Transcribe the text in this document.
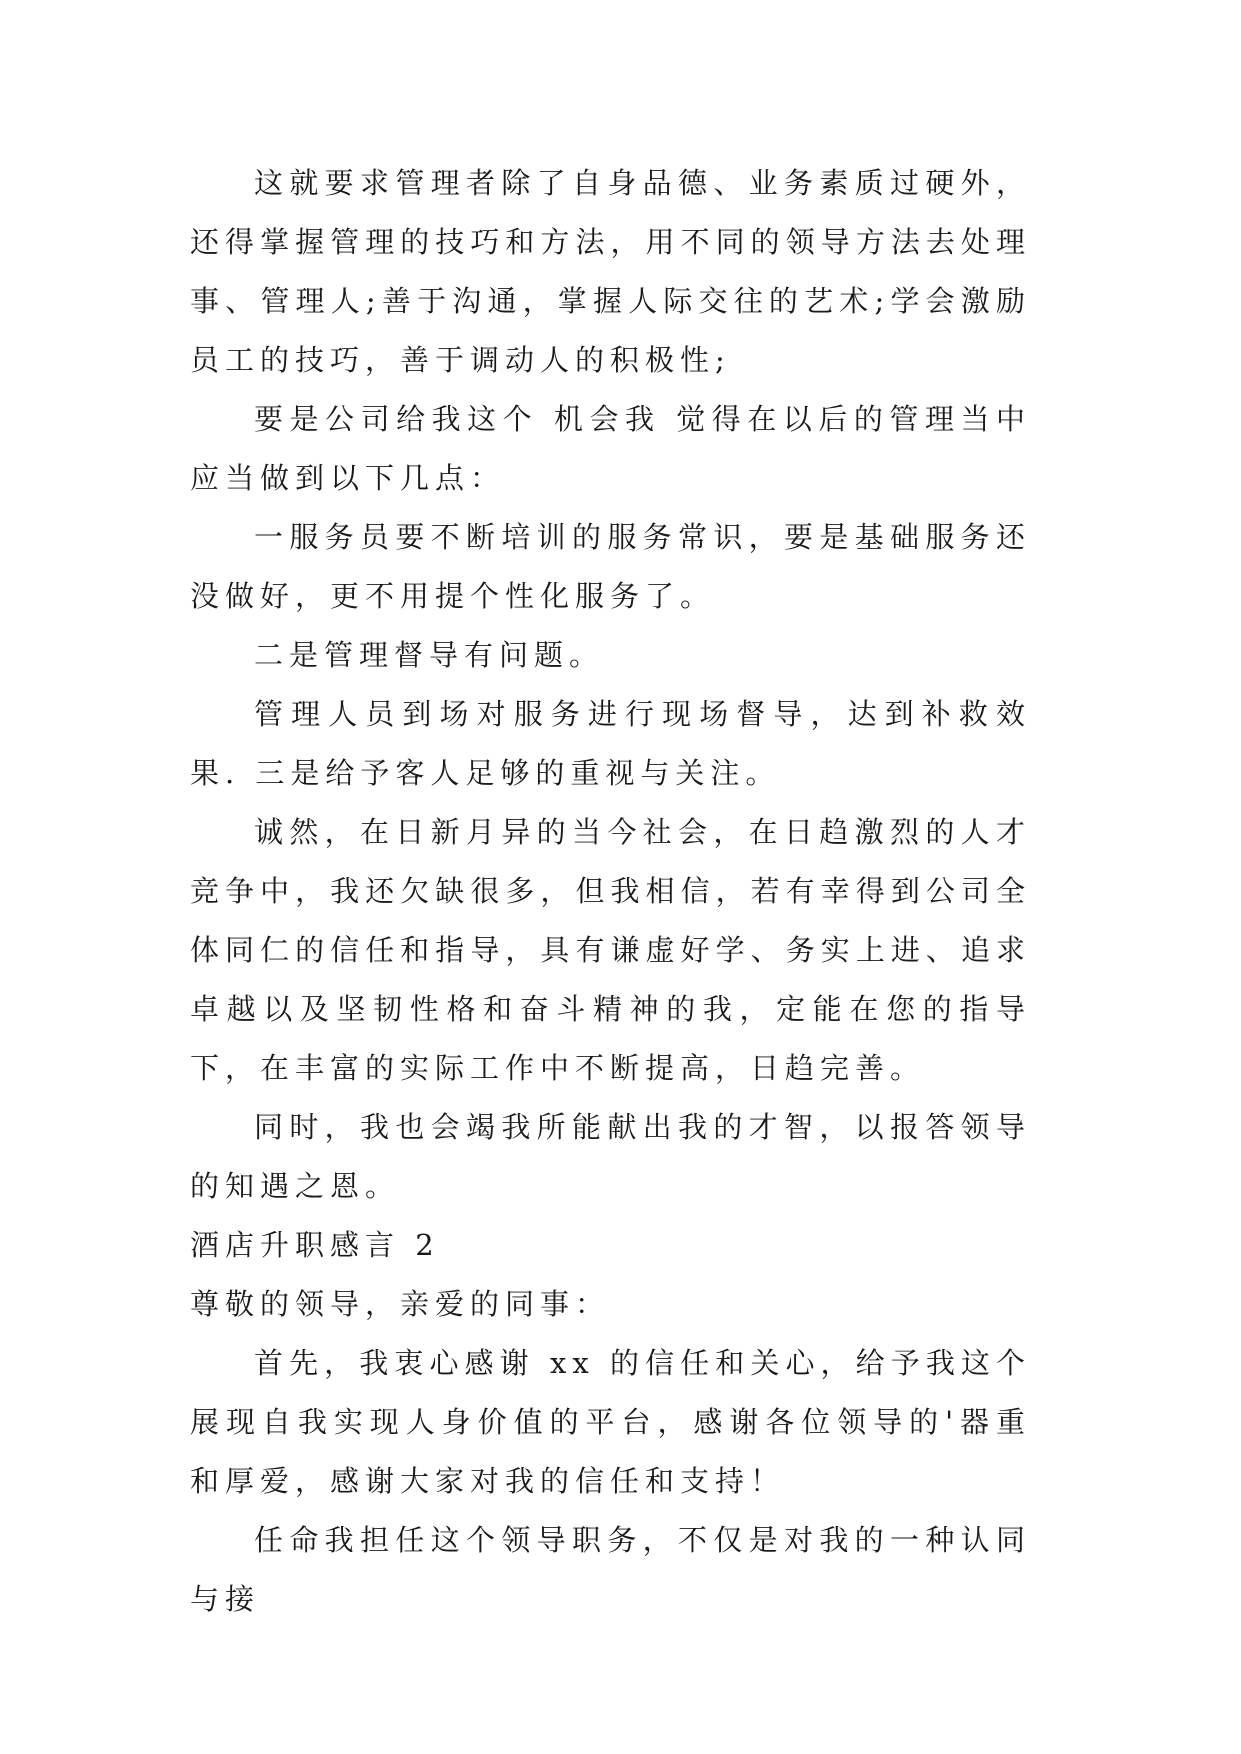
这就要求管理者除了自身品德、业务素质过硬外，还得掌握管理的技巧和方法，用不同的领导方法去处理事、管理人;善于沟通，掌握人际交往的艺术;学会激励员工的技巧，善于调动人的积极性;

要是公司给我这个 机会我 觉得在以后的管理当中应当做到以下几点：

一服务员要不断培训的服务常识，要是基础服务还没做好，更不用提个性化服务了。

二是管理督导有问题。

管理人员到场对服务进行现场督导，达到补救效果. 三是给予客人足够的重视与关注。

诚然，在日新月异的当今社会，在日趋激烈的人才竞争中，我还欠缺很多，但我相信，若有幸得到公司全体同仁的信任和指导，具有谦虚好学、务实上进、追求卓越以及坚韧性格和奋斗精神的我，定能在您的指导下，在丰富的实际工作中不断提高，日趋完善。

同时，我也会竭我所能献出我的才智，以报答领导的知遇之恩。

酒店升职感言 2

尊敬的领导，亲爱的同事：

首先，我衷心感谢 xx 的信任和关心，给予我这个展现自我实现人身价值的平台，感谢各位领导的'器重和厚爱，感谢大家对我的信任和支持！

任命我担任这个领导职务，不仅是对我的一种认同与接
